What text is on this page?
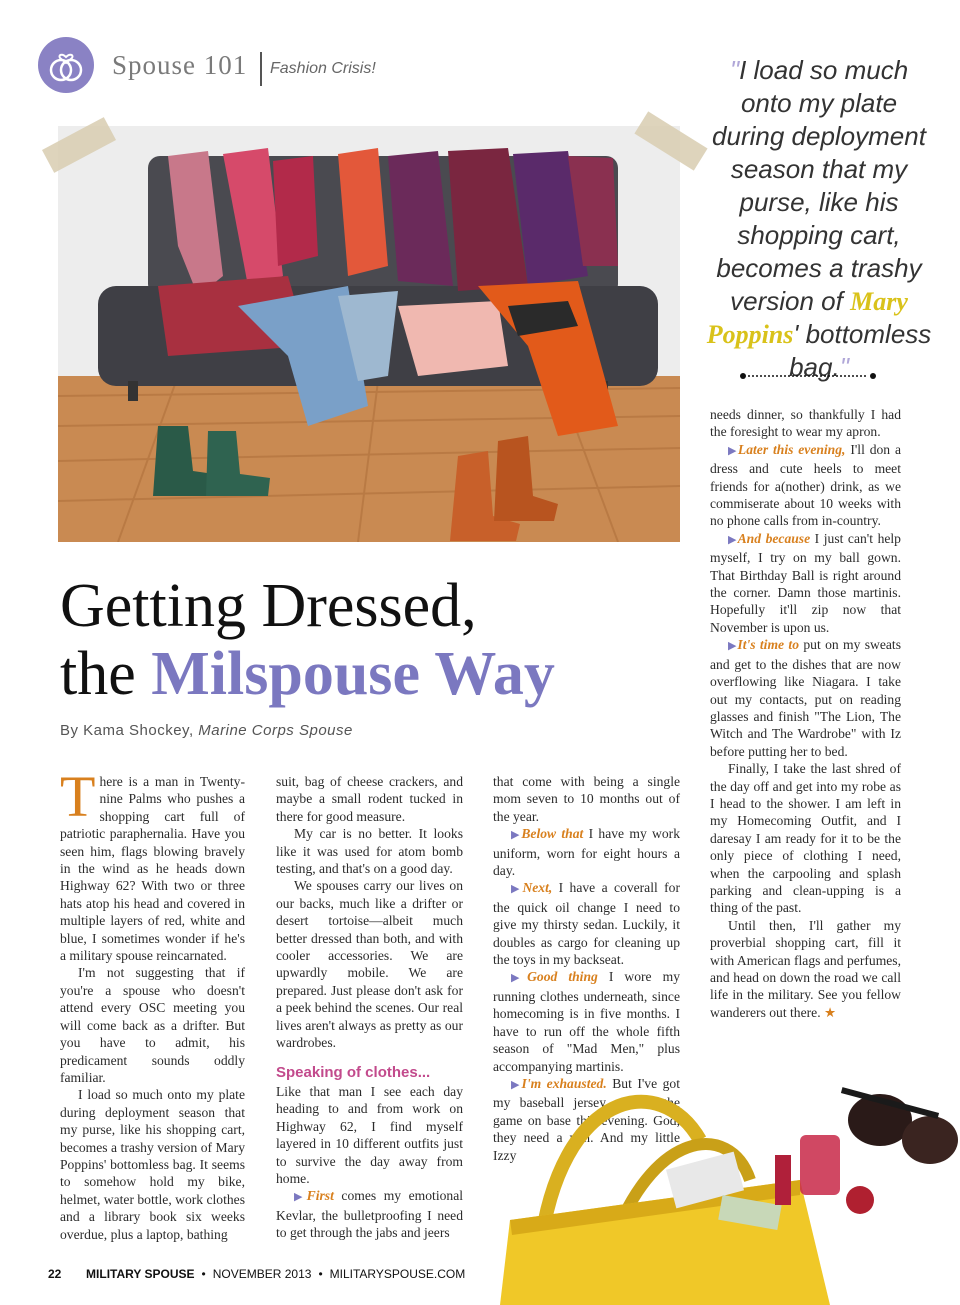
Spouse 101 Fashion Crisis!	"I load so much onto my plate during deployment season that my purse, like his shopping cart, becomes a trashy version of Mary Poppins' bottomless bag."
Getting Dressed,
the Milspouse Way
By Kama Shockey, Marine Corps Spouse

There is a man in Twenty-nine Palms who pushes a shopping cart full of patriotic paraphernalia. Have you seen him, flags blowing bravely in the wind as he heads down Highway 62? With two or three hats atop his head and covered in multiple layers of red, white and blue, I sometimes wonder if he's a military spouse reincarnated.

I'm not suggesting that if you're a spouse who doesn't attend every OSC meeting you will come back as a drifter. But you have to admit, his predicament sounds oddly familiar.

I load so much onto my plate during deployment season that my purse, like his shopping cart, becomes a trashy version of Mary Poppins' bottomless bag. It seems to somehow hold my bike, helmet, water bottle, work clothes and a library book six weeks overdue, plus a laptop, bathing

suit, bag of cheese crackers, and maybe a small rodent tucked in there for good measure.

My car is no better. It looks like it was used for atom bomb testing, and that's on a good day.

We spouses carry our lives on our backs, much like a drifter or desert tortoise—albeit much better dressed than both, and with cooler accessories. We are upwardly mobile. We are prepared. Just please don't ask for a peek behind the scenes. Our real lives aren't always as pretty as our wardrobes.

Speaking of clothes...

Like that man I see each day heading to and from work on Highway 62, I find myself layered in 10 different outfits just to survive the day away from home.

▶First comes my emotional Kevlar, the bulletproofing I need to get through the jabs and jeers

that come with being a single mom seven to 10 months out of the year.

▶Below that I have my work uniform, worn for eight hours a day.

▶Next, I have a coverall for the quick oil change I need to give my thirsty sedan. Luckily, it doubles as cargo for cleaning up the toys in my backseat.

▶Good thing I wore my running clothes underneath, since homecoming is in five months. I have to run off the whole fifth season of "Mad Men," plus accompanying martinis.

▶I'm exhausted. But I've got my baseball jersey on for the game on base this evening. God, they need a win. And my little Izzy

needs dinner, so thankfully I had the foresight to wear my apron.

▶Later this evening, I'll don a dress and cute heels to meet friends for a(nother) drink, as we commiserate about 10 weeks with no phone calls from in-country.

▶And because I just can't help myself, I try on my ball gown. That Birthday Ball is right around the corner. Damn those martinis. Hopefully it'll zip now that November is upon us.

▶It's time to put on my sweats and get to the dishes that are now overflowing like Niagara. I take out my contacts, put on reading glasses and finish "The Lion, The Witch and The Wardrobe" with Iz before putting her to bed.

Finally, I take the last shred of the day off and get into my robe as I head to the shower. I am left in my Homecoming Outfit, and I daresay I am ready for it to be the only piece of clothing I need, when the carpooling and splash parking and clean-upping is a thing of the past.

Until then, I'll gather my proverbial shopping cart, fill it with American flags and perfumes, and head on down the road we call life in the military. See you fellow wanderers out there. ★

22 MILITARY SPOUSE • NOVEMBER 2013 • MILITARYSPOUSE.COM
